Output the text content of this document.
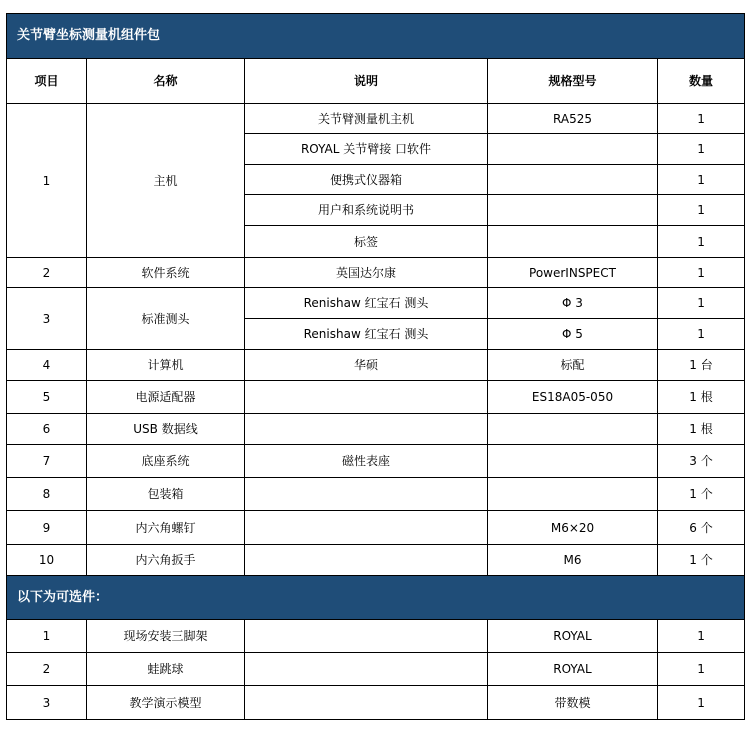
关节臂坐标测量机组件包				
项目	名称	说明	规格型号	数量
1	主机	关节臂测量机主机	RA525	1
		ROYAL 关节臂接 口软件		1
		便携式仪器箱		1
		用户和系统说明书		1
		标签		1
2	软件系统	英国达尔康	PowerINSPECT	1
3	标准测头	Renishaw 红宝石 测头	Φ 3	1
		Renishaw 红宝石 测头	Φ 5	1
4	计算机	华硕	标配	1 台
5	电源适配器		ES18A05-050	1 根
6	USB 数据线			1 根
7	底座系统	磁性表座		3 个
8	包装箱			1 个
9	内六角螺钉		M6×20	6 个
10	内六角扳手		M6	1 个
以下为可选件：				
1	现场安装三脚架		ROYAL	1
2	蛙跳球		ROYAL	1
3	教学演示模型		带数模	1
